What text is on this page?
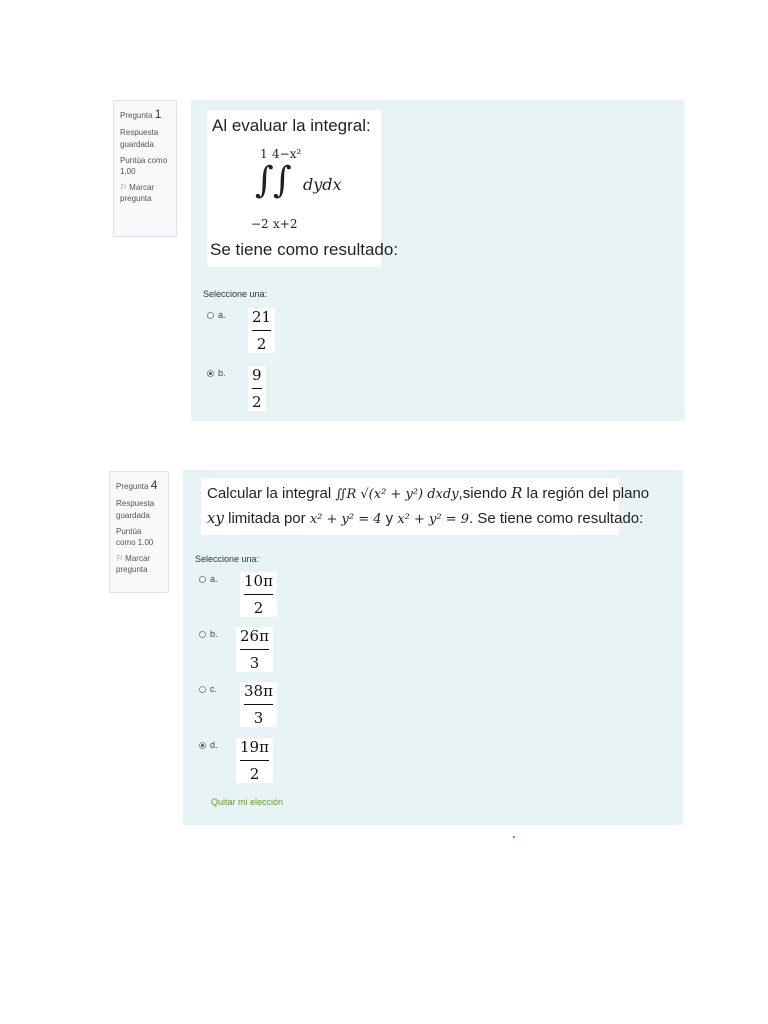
Pregunta 1
Respuesta guardada
Puntúa como 1.00
⚐ Marcar pregunta
Al evaluar la integral:
1 4−x²
∫ ∫ dydx
−2 x+2
Se tiene como resultado:
Seleccione una:
a.	$\frac{21}{2}$
b.	$\frac{9}{2}$
Pregunta 4
Respuesta guardada
Puntúa como 1.00
⚐ Marcar pregunta
Calcular la integral ∬R √(x² + y²) dxdy,siendo R la región del plano
xy limitada por x² + y² = 4 y x² + y² = 9. Se tiene como resultado:
Seleccione una:
a.	$\frac{10\pi}{2}$
b.	$\frac{26\pi}{3}$
c.	$\frac{38\pi}{3}$
d.	$\frac{19\pi}{2}$
Quitar mi elección
